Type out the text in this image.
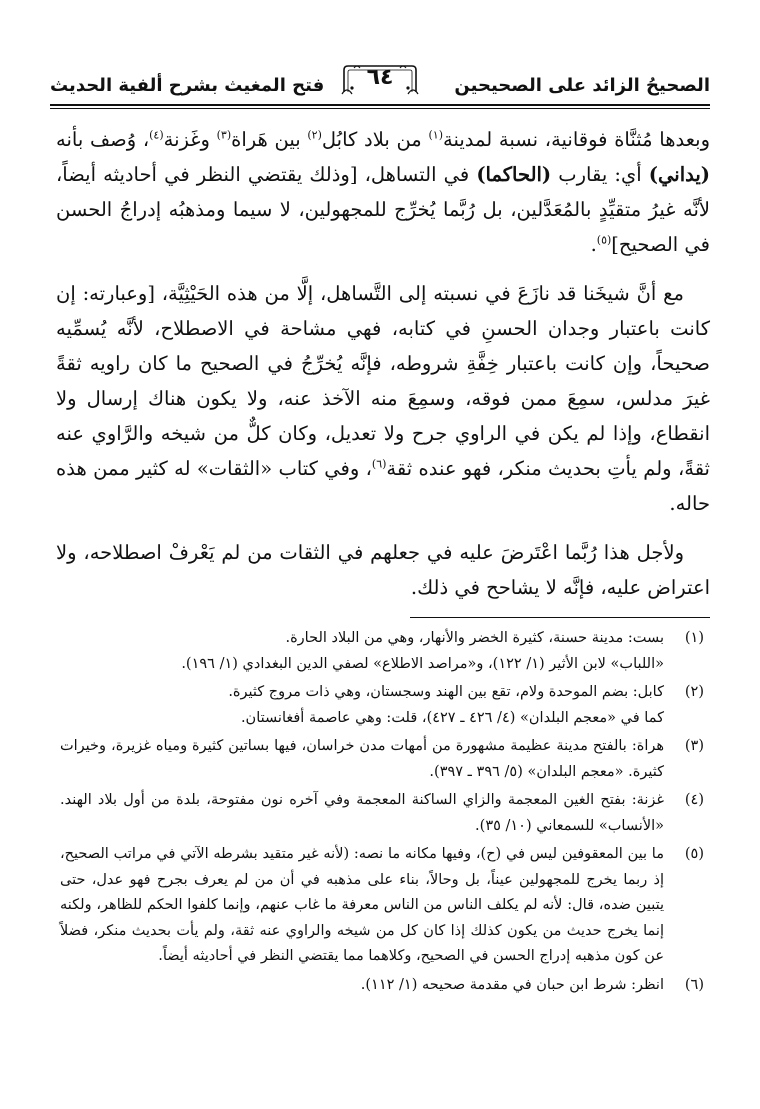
الصحيحُ الزائد على الصحيحين
٦٤
فتح المغيث بشرح ألفية الحديث

وبعدها مُثنَّاة فوقانية، نسبة لمدينة$^{(١)}$ من بلاد كابُل$^{(٢)}$ بين هَراة$^{(٣)}$ وغَزنة$^{(٤)}$، وُصف بأنه (يداني) أي: يقارب (الحاكما) في التساهل، [وذلك يقتضي النظر في أحاديثه أيضاً، لأنَّه غيرُ متقيِّدٍ بالمُعَدَّلين، بل رُبَّما يُخرِّج للمجهولين، لا سيما ومذهبُه إدراجُ الحسن في الصحيح]$^{(٥)}$.

مع أنَّ شيخَنا قد نازَعَ في نسبته إلى التَّساهل، إلَّا من هذه الحَيْثِيَّة، [وعبارته: إن كانت باعتبار وجدان الحسنِ في كتابه، فهي مشاحة في الاصطلاح، لأنَّه يُسمِّيه صحيحاً، وإن كانت باعتبار خِفَّةِ شروطه، فإنَّه يُخرِّجُ في الصحيح ما كان راويه ثقةً غيرَ مدلس، سمِعَ ممن فوقه، وسمِعَ منه الآخذ عنه، ولا يكون هناك إرسال ولا انقطاع، وإذا لم يكن في الراوي جرح ولا تعديل، وكان كلٌّ من شيخه والرَّاوي عنه ثقةً، ولم يأتِ بحديث منكر، فهو عنده ثقة$^{(٦)}$، وفي كتاب «الثقات» له كثير ممن هذه حاله.

ولأجل هذا رُبَّما اعْتَرضَ عليه في جعلهم في الثقات من لم يَعْرفْ اصطلاحه، ولا اعتراض عليه، فإنَّه لا يشاحح في ذلك.

(١)
بست: مدينة حسنة، كثيرة الخضر والأنهار، وهي من البلاد الحارة.
«اللباب» لابن الأثير (١/ ١٢٢)، و«مراصد الاطلاع» لصفي الدين البغدادي (١/ ١٩٦).
(٢)
كابل: بضم الموحدة ولام، تقع بين الهند وسجستان، وهي ذات مروج كثيرة.
كما في «معجم البلدان» (٤/ ٤٢٦ ـ ٤٢٧)، قلت: وهي عاصمة أفغانستان.
(٣)
هراة: بالفتح مدينة عظيمة مشهورة من أمهات مدن خراسان، فيها بساتين كثيرة ومياه غزيرة، وخيرات كثيرة. «معجم البلدان» (٥/ ٣٩٦ ـ ٣٩٧).
(٤)
غزنة: بفتح الغين المعجمة والزاي الساكنة المعجمة وفي آخره نون مفتوحة، بلدة من أول بلاد الهند. «الأنساب» للسمعاني (١٠/ ٣٥).
(٥)
ما بين المعقوفين ليس في (ح)، وفيها مكانه ما نصه: (لأنه غير متقيد بشرطه الآتي في مراتب الصحيح، إذ ربما يخرج للمجهولين عيناً، بل وحالاً، بناء على مذهبه في أن من لم يعرف بجرح فهو عدل، حتى يتبين ضده، قال: لأنه لم يكلف الناس من الناس معرفة ما غاب عنهم، وإنما كلفوا الحكم للظاهر، ولكنه إنما يخرج حديث من يكون كذلك إذا كان كل من شيخه والراوي عنه ثقة، ولم يأت بحديث منكر، فضلاً عن كون مذهبه إدراج الحسن في الصحيح، وكلاهما مما يقتضي النظر في أحاديثه أيضاً.
(٦)
انظر: شرط ابن حبان في مقدمة صحيحه (١/ ١١٢).
